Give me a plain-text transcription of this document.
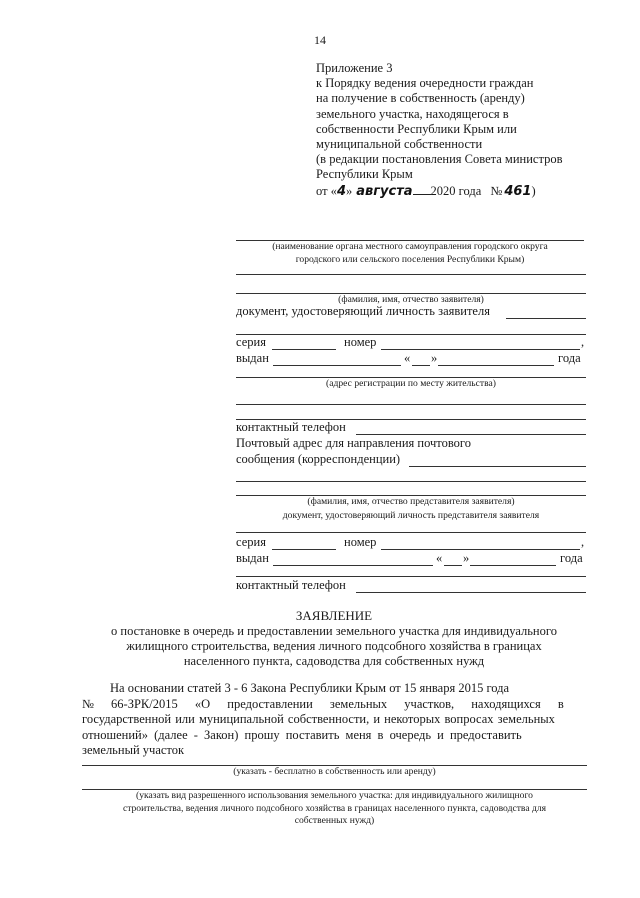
14
Приложение 3
к Порядку ведения очередности граждан
на получение в собственность (аренду)
земельного участка, находящегося в
собственности Республики Крым или
муниципальной собственности
(в редакции постановления Совета министров
Республики Крым
от «4» августа 2020 года № 461)
(наименование органа местного самоуправления городского округа
городского или сельского поселения Республики Крым)
(фамилия, имя, отчество заявителя)
документ, удостоверяющий личность заявителя
серия	номер	,
выдан	« »	года
(адрес регистрации по месту жительства)
контактный телефон
Почтовый адрес для направления почтового
сообщения (корреспонденции)
(фамилия, имя, отчество представителя заявителя)
документ, удостоверяющий личность представителя заявителя
серия	номер	,
выдан	« »	года
контактный телефон
ЗАЯВЛЕНИЕ
о постановке в очередь и предоставлении земельного участка для индивидуального жилищного строительства, ведения личного подсобного хозяйства в границах населенного пункта, садоводства для собственных нужд
На основании статей 3 - 6 Закона Республики Крым от 15 января 2015 года
№ 66-ЗРК/2015 «О предоставлении земельных участков, находящихся в
государственной или муниципальной собственности, и некоторых вопросах земельных
отношений» (далее - Закон) прошу поставить меня в очередь и предоставить
земельный участок
(указать - бесплатно в собственность или аренду)
(указать вид разрешенного использования земельного участка: для индивидуального жилищного
строительства, ведения личного подсобного хозяйства в границах населенного пункта, садоводства для
собственных нужд)
